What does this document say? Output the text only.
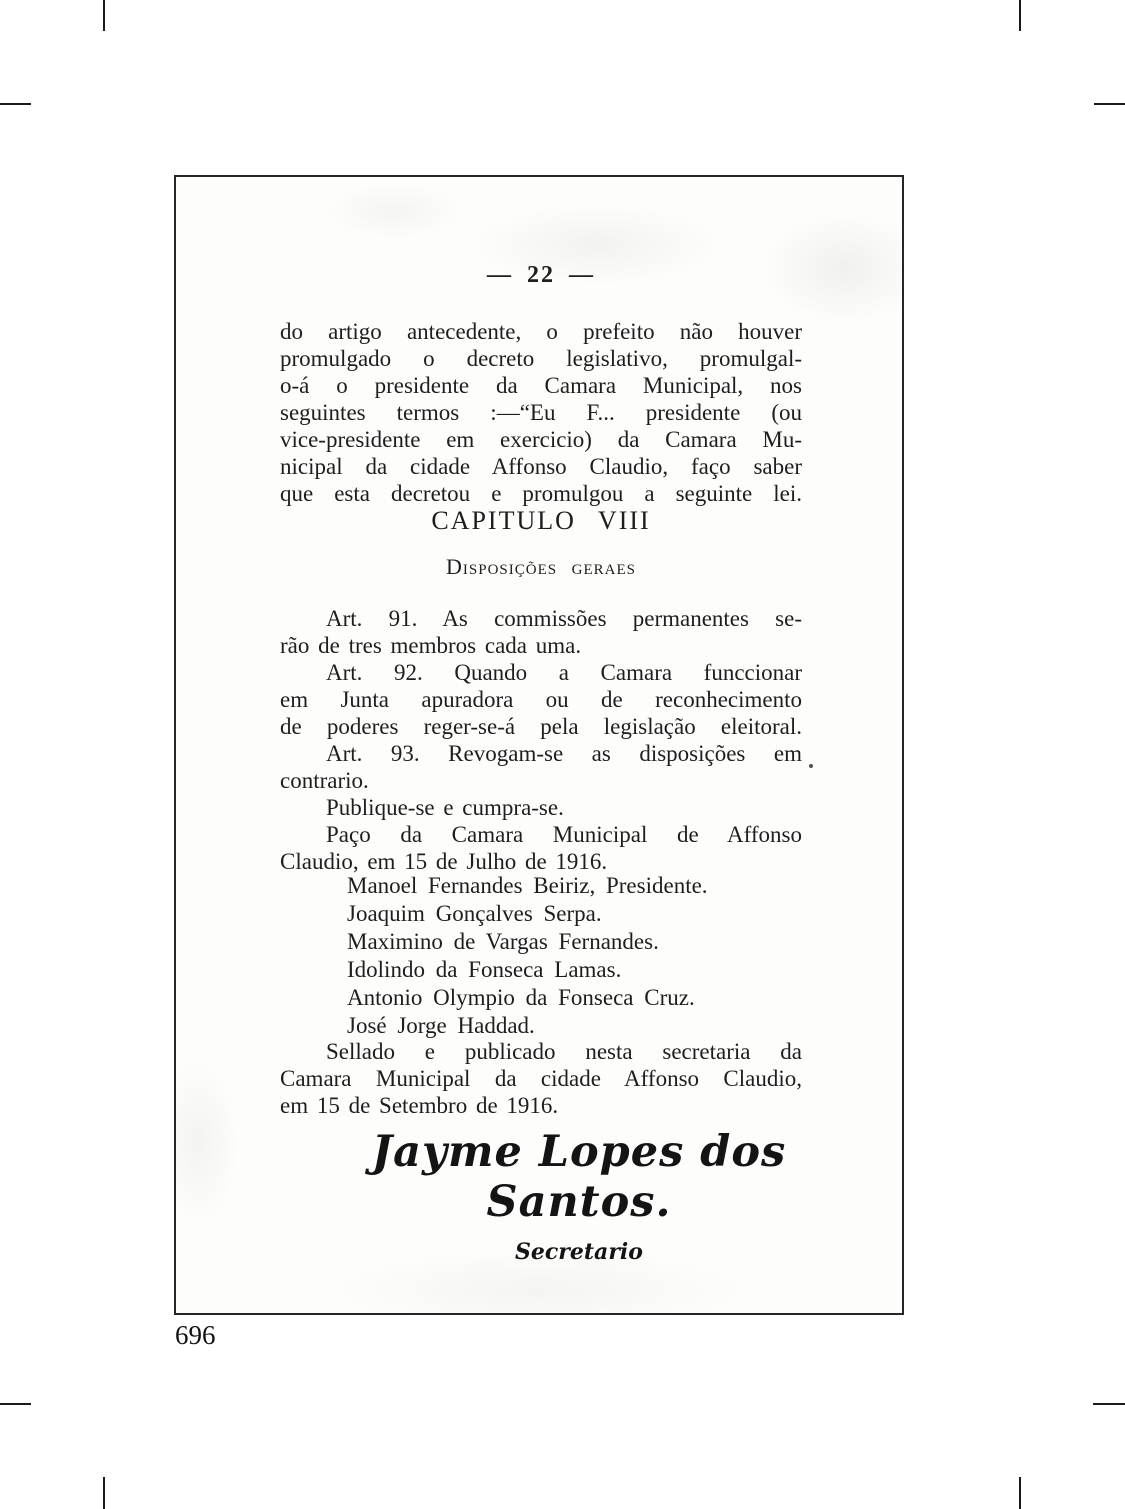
— 22 —
do artigo antecedente, o prefeito não houver
promulgado o decreto legislativo, promulgal-
o-á o presidente da Camara Municipal, nos
seguintes termos :—“Eu F... presidente (ou
vice-presidente em exercicio) da Camara Mu-
nicipal da cidade Affonso Claudio, faço saber
que esta decretou e promulgou a seguinte lei.
CAPITULO VIII
Disposições geraes
Art. 91. As commissões permanentes se-
rão de tres membros cada uma.
Art. 92. Quando a Camara funccionar
em Junta apuradora ou de reconhecimento
de poderes reger-se-á pela legislação eleitoral.
Art. 93. Revogam-se as disposições em
contrario.
Publique-se e cumpra-se.
Paço da Camara Municipal de Affonso
Claudio, em 15 de Julho de 1916.
Manoel Fernandes Beiriz, Presidente.
Joaquim Gonçalves Serpa.
Maximino de Vargas Fernandes.
Idolindo da Fonseca Lamas.
Antonio Olympio da Fonseca Cruz.
José Jorge Haddad.
Sellado e publicado nesta secretaria da
Camara Municipal da cidade Affonso Claudio,
em 15 de Setembro de 1916.
Jayme Lopes dos Santos.
Secretario
696
